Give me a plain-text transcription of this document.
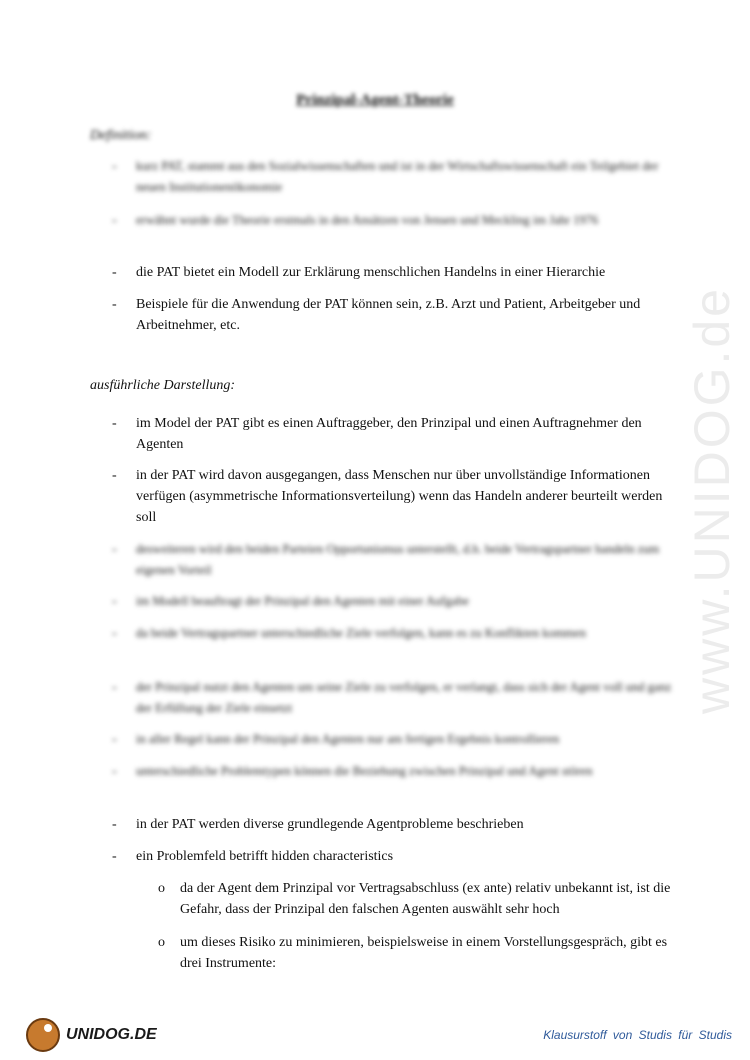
www.UNIDOG.de
Prinzipal-Agent-Theorie
Definition:
- kurz PAT, stammt aus den Sozialwissenschaften und ist in der Wirtschaftswissenschaft ein Teilgebiet der neuen Institutionenökonomie
- erwähnt wurde die Theorie erstmals in den Ansätzen von Jensen und Meckling im Jahr 1976
- die PAT bietet ein Modell zur Erklärung menschlichen Handelns in einer Hierarchie
- Beispiele für die Anwendung der PAT können sein, z.B. Arzt und Patient, Arbeitgeber und Arbeitnehmer, etc.
ausführliche Darstellung:
- im Model der PAT gibt es einen Auftraggeber, den Prinzipal und einen Auftragnehmer den Agenten
- in der PAT wird davon ausgegangen, dass Menschen nur über unvollständige Informationen verfügen (asymmetrische Informationsverteilung) wenn das Handeln anderer beurteilt werden soll
- desweiteren wird den beiden Parteien Opportunismus unterstellt, d.h. beide Vertragspartner handeln zum eigenen Vorteil
- im Modell beauftragt der Prinzipal den Agenten mit einer Aufgabe
- da beide Vertragspartner unterschiedliche Ziele verfolgen, kann es zu Konflikten kommen
- der Prinzipal nutzt den Agenten um seine Ziele zu verfolgen, er verlangt, dass sich der Agent voll und ganz der Erfüllung der Ziele einsetzt
- in aller Regel kann der Prinzipal den Agenten nur am fertigen Ergebnis kontrollieren
- unterschiedliche Problemtypen können die Beziehung zwischen Prinzipal und Agent stören
- in der PAT werden diverse grundlegende Agentprobleme beschrieben
- ein Problemfeld betrifft hidden characteristics
o da der Agent dem Prinzipal vor Vertragsabschluss (ex ante) relativ unbekannt ist, ist die Gefahr, dass der Prinzipal den falschen Agenten auswählt sehr hoch
o um dieses Risiko zu minimieren, beispielsweise in einem Vorstellungsgespräch, gibt es drei Instrumente:
UNIDOG.DE	Klausurstoff von Studis für Studis
